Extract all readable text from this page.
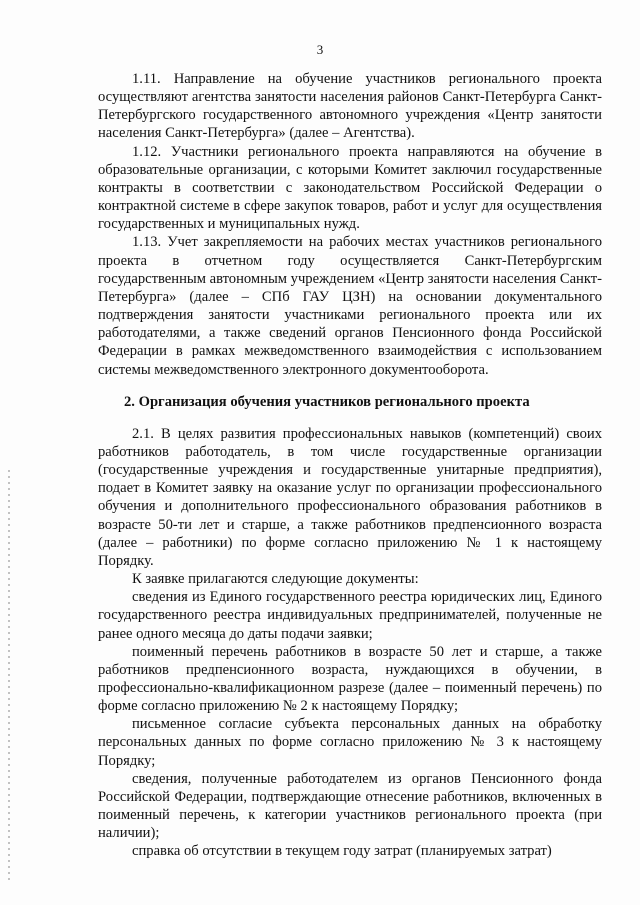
3

1.11. Направление на обучение участников регионального проекта осуществляют агентства занятости населения районов Санкт-Петербурга Санкт-Петербургского государственного автономного учреждения «Центр занятости населения Санкт-Петербурга» (далее – Агентства).

1.12. Участники регионального проекта направляются на обучение в образовательные организации, с которыми Комитет заключил государственные контракты в соответствии с законодательством Российской Федерации о контрактной системе в сфере закупок товаров, работ и услуг для осуществления государственных и муниципальных нужд.

1.13. Учет закрепляемости на рабочих местах участников регионального проекта в отчетном году осуществляется Санкт-Петербургским государственным автономным учреждением «Центр занятости населения Санкт-Петербурга» (далее – СПб ГАУ ЦЗН) на основании документального подтверждения занятости участниками регионального проекта или их работодателями, а также сведений органов Пенсионного фонда Российской Федерации в рамках межведомственного взаимодействия с использованием системы межведомственного электронного документооборота.

2. Организация обучения участников регионального проекта

2.1. В целях развития профессиональных навыков (компетенций) своих работников работодатель, в том числе государственные организации (государственные учреждения и государственные унитарные предприятия), подает в Комитет заявку на оказание услуг по организации профессионального обучения и дополнительного профессионального образования работников в возрасте 50-ти лет и старше, а также работников предпенсионного возраста (далее – работники) по форме согласно приложению № 1 к настоящему Порядку.

К заявке прилагаются следующие документы:

сведения из Единого государственного реестра юридических лиц, Единого государственного реестра индивидуальных предпринимателей, полученные не ранее одного месяца до даты подачи заявки;

поименный перечень работников в возрасте 50 лет и старше, а также работников предпенсионного возраста, нуждающихся в обучении, в профессионально-квалификационном разрезе (далее – поименный перечень) по форме согласно приложению № 2 к настоящему Порядку;

письменное согласие субъекта персональных данных на обработку персональных данных по форме согласно приложению № 3 к настоящему Порядку;

сведения, полученные работодателем из органов Пенсионного фонда Российской Федерации, подтверждающие отнесение работников, включенных в поименный перечень, к категории участников регионального проекта (при наличии);

справка об отсутствии в текущем году затрат (планируемых затрат)
